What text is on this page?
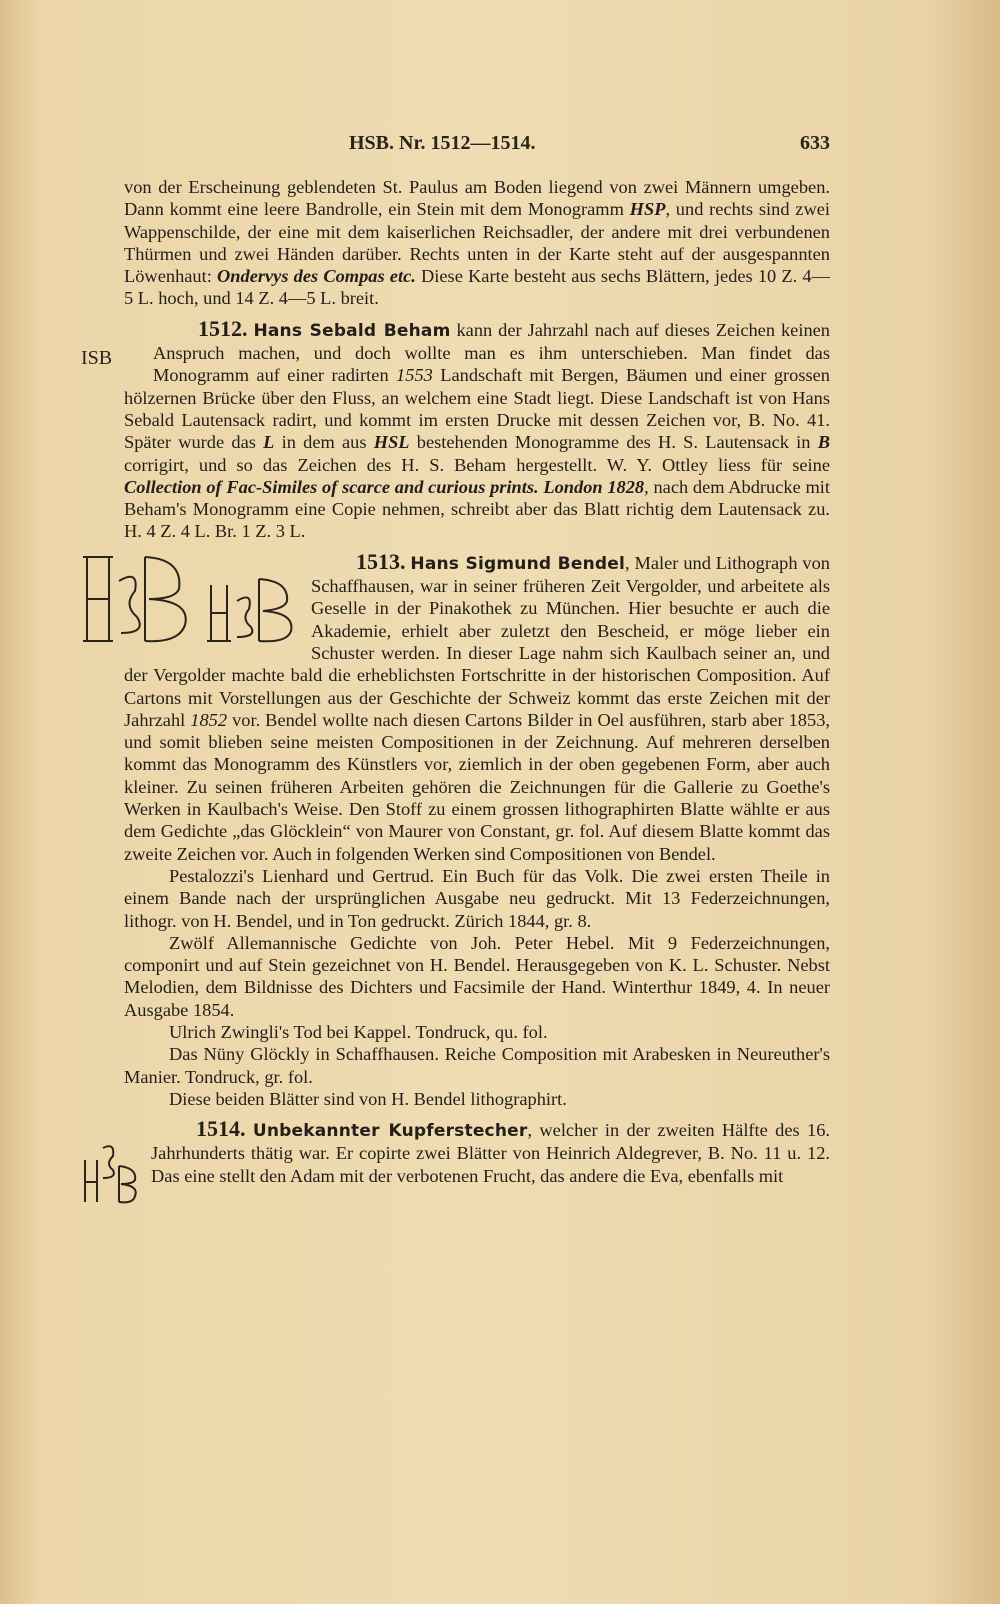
HSB. Nr. 1512—1514.	633

von der Erscheinung geblendeten St. Paulus am Boden liegend von zwei Männern umgeben. Dann kommt eine leere Bandrolle, ein Stein mit dem Monogramm HSP, und rechts sind zwei Wappenschilde, der eine mit dem kaiserlichen Reichsadler, der andere mit drei verbundenen Thürmen und zwei Händen darüber. Rechts unten in der Karte steht auf der ausgespannten Löwenhaut: Ondervys des Compas etc. Diese Karte besteht aus sechs Blättern, jedes 10 Z. 4—5 L. hoch, und 14 Z. 4—5 L. breit.

ISB
1512. Hans Sebald Beham kann der Jahrzahl nach auf dieses Zeichen keinen Anspruch machen, und doch wollte man es ihm unterschieben. Man findet das Monogramm auf einer radirten 1553 Landschaft mit Bergen, Bäumen und einer grossen hölzernen Brücke über den Fluss, an welchem eine Stadt liegt. Diese Landschaft ist von Hans Sebald Lautensack radirt, und kommt im ersten Drucke mit dessen Zeichen vor, B. No. 41. Später wurde das L in dem aus HSL bestehenden Monogramme des H. S. Lautensack in B corrigirt, und so das Zeichen des H. S. Beham hergestellt. W. Y. Ottley liess für seine Collection of Fac-Similes of scarce and curious prints. London 1828, nach dem Abdrucke mit Beham's Monogramm eine Copie nehmen, schreibt aber das Blatt richtig dem Lautensack zu. H. 4 Z. 4 L. Br. 1 Z. 3 L.

1513. Hans Sigmund Bendel
, Maler und Lithograph von Schaffhausen, war in seiner früheren Zeit Vergolder, und arbeitete als Geselle in der Pinakothek zu München. Hier besuchte er auch die Akademie, erhielt aber zuletzt den Bescheid, er möge lieber ein Schuster werden. In dieser Lage nahm sich Kaulbach seiner an, und der Vergolder machte bald die erheblichsten Fortschritte in der historischen Composition. Auf Cartons mit Vorstellungen aus der Geschichte der Schweiz kommt das erste Zeichen mit der Jahrzahl 1852 vor. Bendel wollte nach diesen Cartons Bilder in Oel ausführen, starb aber 1853, und somit blieben seine meisten Compositionen in der Zeichnung. Auf mehreren derselben kommt das Monogramm des Künstlers vor, ziemlich in der oben gegebenen Form, aber auch kleiner. Zu seinen früheren Arbeiten gehören die Zeichnungen für die Gallerie zu Goethe's Werken in Kaulbach's Weise. Den Stoff zu einem grossen lithographirten Blatte wählte er aus dem Gedichte „das Glöcklein“ von Maurer von Constant, gr. fol. Auf diesem Blatte kommt das zweite Zeichen vor. Auch in folgenden Werken sind Compositionen von Bendel.

Pestalozzi's Lienhard und Gertrud. Ein Buch für das Volk. Die zwei ersten Theile in einem Bande nach der ursprünglichen Ausgabe neu gedruckt. Mit 13 Federzeichnungen, lithogr. von H. Bendel, und in Ton gedruckt. Zürich 1844, gr. 8.

Zwölf Allemannische Gedichte von Joh. Peter Hebel. Mit 9 Federzeichnungen, componirt und auf Stein gezeichnet von H. Bendel. Herausgegeben von K. L. Schuster. Nebst Melodien, dem Bildnisse des Dichters und Facsimile der Hand. Winterthur 1849, 4. In neuer Ausgabe 1854.

Ulrich Zwingli's Tod bei Kappel. Tondruck, qu. fol.

Das Nüny Glöckly in Schaffhausen. Reiche Composition mit Arabesken in Neureuther's Manier. Tondruck, gr. fol.

Diese beiden Blätter sind von H. Bendel lithographirt.

1514. Unbekannter Kupferstecher, welcher in der zweiten Hälfte des 16. Jahrhunderts thätig war. Er copirte zwei Blätter von Heinrich Aldegrever, B. No. 11 u. 12. Das eine stellt den Adam mit der verbotenen Frucht, das andere die Eva, ebenfalls mit
